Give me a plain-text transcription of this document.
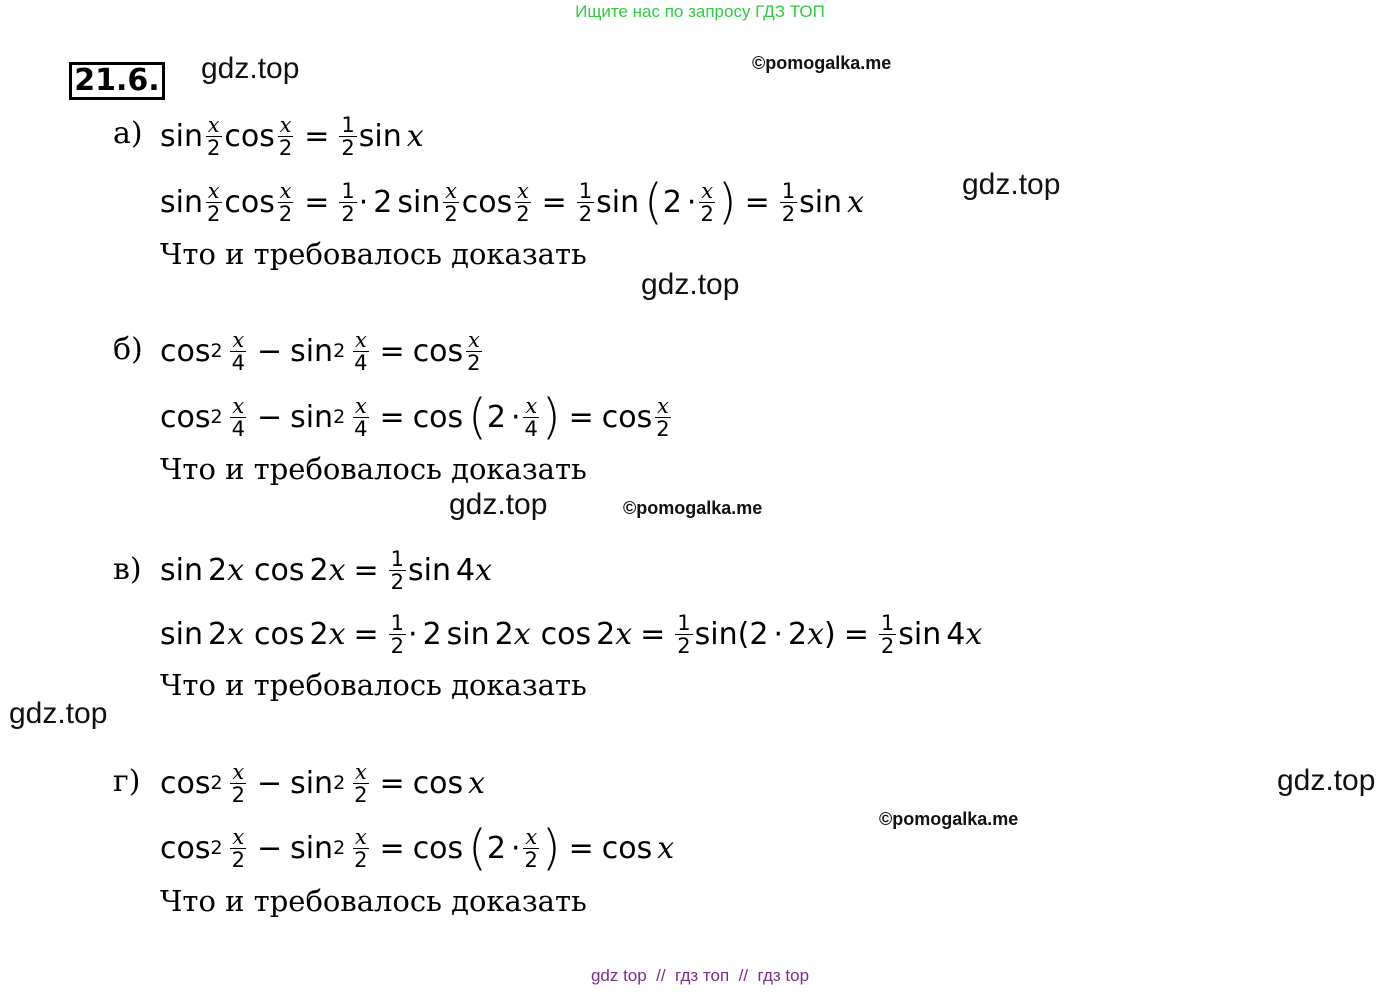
Ищите нас по запросу ГДЗ ТОП
21.6. gdz.top	©pomogalka.me
gdz.top
gdz.top
gdz.top	©pomogalka.me
gdz.top
gdz.top
©pomogalka.me
а) $\sin \frac{x}{2}$ $\cos \frac{x}{2} = \frac{1}{2}$ sin x
$\sin \frac{x}{2}$ $\cos \frac{x}{2} = \frac{1}{2} \cdot 2$ $\sin \frac{x}{2}$ $\cos \frac{x}{2} = \frac{1}{2}$ sin ( $2 \cdot \frac{x}{2}$ ) = $\frac{1}{2}$ sin x
Что и требовалось доказать
б) $\cos 2 \frac{x}{4} - \sin 2 \frac{x}{4} = \cos \frac{x}{2}$
$\cos 2 \frac{x}{4} - \sin 2 \frac{x}{4} = \cos$ ( $2 \cdot \frac{x}{4}$ ) = $\cos \frac{x}{2}$
Что и требовалось доказать
в) sin 2 x cos 2 $x = \frac{1}{2}$ sin 4 x
sin 2 x cos 2 $x = \frac{1}{2} \cdot 2$ sin 2 x cos 2 $x = \frac{1}{2} \sin(2 \cdot 2$ x ) = $\frac{1}{2}$ sin 4 x
Что и требовалось доказать
г) $\cos 2 \frac{x}{2} - \sin 2 \frac{x}{2} = \cos x$
$\cos 2 \frac{x}{2} - \sin 2 \frac{x}{2} = \cos$ ( $2 \cdot \frac{x}{2}$ ) = cos x
Что и требовалось доказать
gdz top  //  гдз топ  //  гдз top
